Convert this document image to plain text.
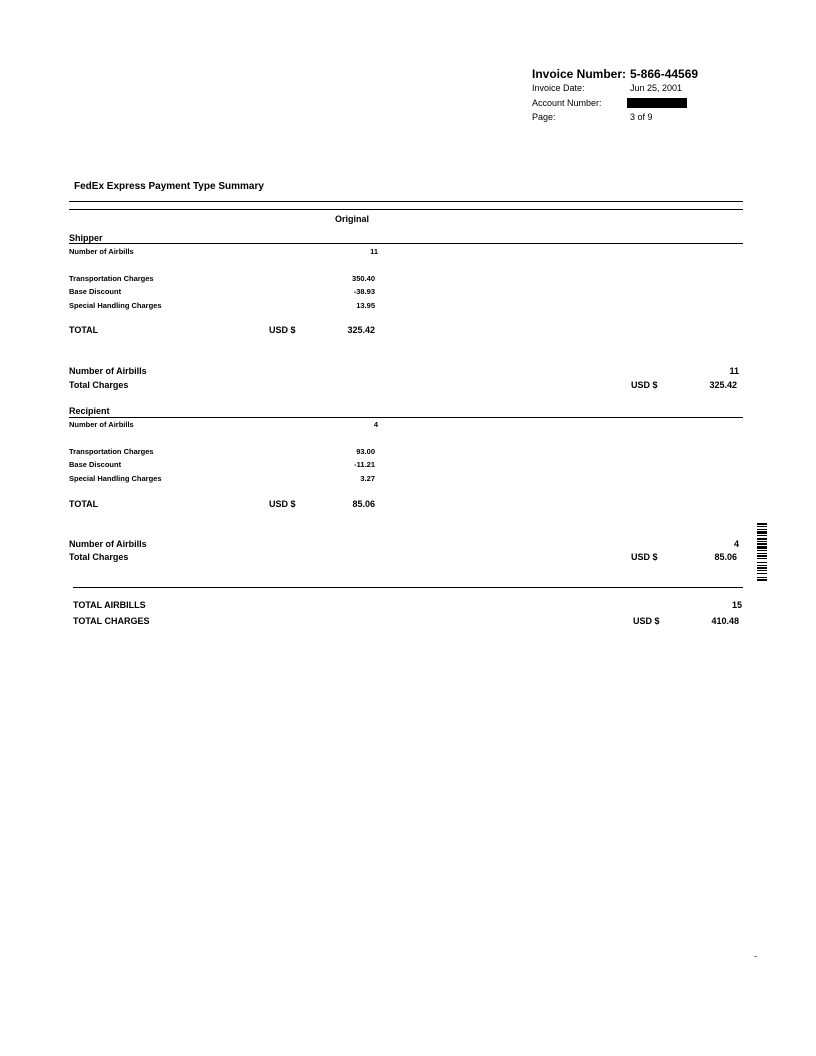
Invoice Number: 5-866-44569
Invoice Date:	Jun 25, 2001
Account Number:
Page:	3 of 9
FedEx Express Payment Type Summary
Original
Shipper
Number of Airbills	11
Transportation Charges	350.40
Base Discount	-38.93
Special Handling Charges	13.95
TOTAL	USD $	325.42
Number of Airbills	11
Total Charges	USD $	325.42
Recipient
Number of Airbills	4
Transportation Charges	93.00
Base Discount	-11.21
Special Handling Charges	3.27
TOTAL	USD $	85.06
Number of Airbills	4
Total Charges	USD $	85.06
TOTAL AIRBILLS	15
TOTAL CHARGES	USD $	410.48
-
